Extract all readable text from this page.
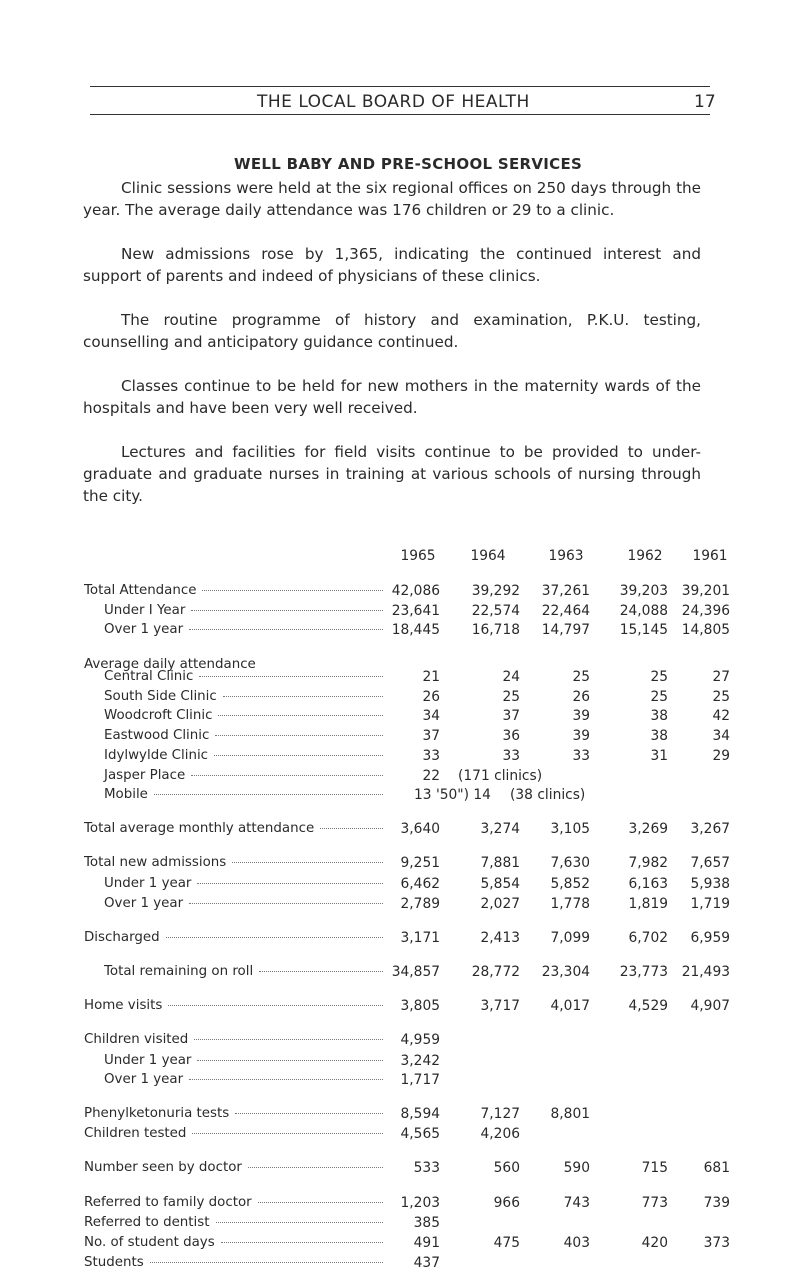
THE LOCAL BOARD OF HEALTH	17
WELL BABY AND PRE-SCHOOL SERVICES

Clinic sessions were held at the six regional offices on 250 days through the year. The average daily attendance was 176 children or 29 to a clinic.

New admissions rose by 1,365, indicating the continued interest and support of parents and indeed of physicians of these clinics.

The routine programme of history and examination, P.K.U. testing, counselling and anticipatory guidance continued.

Classes continue to be held for new mothers in the maternity wards of the hospitals and have been very well received.

Lectures and facilities for field visits continue to be provided to under-graduate and graduate nurses in training at various schools of nursing through the city.

1965	1964	1963	1962	1961
Average daily attendance
Total Attendance	42,086	39,292	37,261	39,203 39,201
Under I Year	23,641	22,574	22,464	24,088 24,396
Over 1 year	18,445	16,718	14,797	15,145 14,805
Central Clinic	21	24	25	25	27
South Side Clinic	26	25	26	25	25
Woodcroft Clinic	34	37	39	38	42
Eastwood Clinic	37	36	39	38	34
Idylwylde Clinic	33	33	33	31	29
Jasper Place	22 (171 clinics)
Mobile	13 '50") 14 (38 clinics)
Total average monthly attendance	3,640	3,274	3,105	3,269	3,267
Total new admissions	9,251	7,881	7,630	7,982	7,657
Under 1 year	6,462	5,854	5,852	6,163	5,938
Over 1 year	2,789	2,027	1,778	1,819	1,719
Discharged	3,171	2,413	7,099	6,702	6,959
Total remaining on roll	34,857	28,772	23,304	23,773 21,493
Home visits	3,805	3,717	4,017	4,529	4,907
Children visited	4,959
Under 1 year	3,242
Over 1 year	1,717
Phenylketonuria tests	8,594	7,127	8,801
Children tested	4,565	4,206
Number seen by doctor	533	560	590	715	681
Referred to family doctor	1,203	966	743	773	739
Referred to dentist	385
No. of student days	491	475	403	420	373
Students	437
